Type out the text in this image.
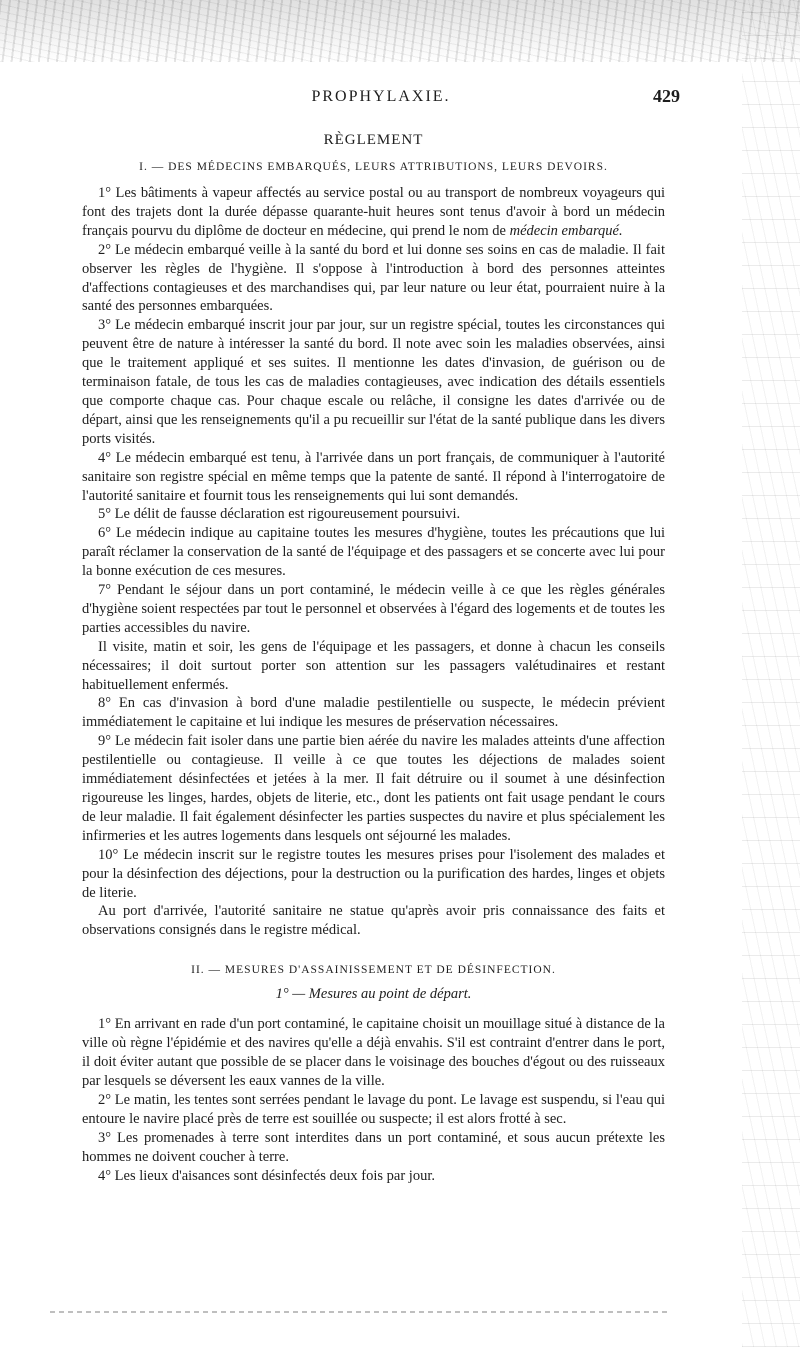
PROPHYLAXIE.	429
RÈGLEMENT
I. — DES MÉDECINS EMBARQUÉS, LEURS ATTRIBUTIONS, LEURS DEVOIRS.

1° Les bâtiments à vapeur affectés au service postal ou au transport de nombreux voyageurs qui font des trajets dont la durée dépasse quarante-huit heures sont tenus d'avoir à bord un médecin français pourvu du diplôme de docteur en médecine, qui prend le nom de médecin embarqué.

2° Le médecin embarqué veille à la santé du bord et lui donne ses soins en cas de maladie. Il fait observer les règles de l'hygiène. Il s'oppose à l'introduction à bord des personnes atteintes d'affections contagieuses et des marchandises qui, par leur nature ou leur état, pourraient nuire à la santé des personnes embarquées.

3° Le médecin embarqué inscrit jour par jour, sur un registre spécial, toutes les circonstances qui peuvent être de nature à intéresser la santé du bord. Il note avec soin les maladies observées, ainsi que le traitement appliqué et ses suites. Il mentionne les dates d'invasion, de guérison ou de terminaison fatale, de tous les cas de maladies contagieuses, avec indication des détails essentiels que comporte chaque cas. Pour chaque escale ou relâche, il consigne les dates d'arrivée ou de départ, ainsi que les renseignements qu'il a pu recueillir sur l'état de la santé publique dans les divers ports visités.

4° Le médecin embarqué est tenu, à l'arrivée dans un port français, de communiquer à l'autorité sanitaire son registre spécial en même temps que la patente de santé. Il répond à l'interrogatoire de l'autorité sanitaire et fournit tous les renseignements qui lui sont demandés.

5° Le délit de fausse déclaration est rigoureusement poursuivi.

6° Le médecin indique au capitaine toutes les mesures d'hygiène, toutes les précautions que lui paraît réclamer la conservation de la santé de l'équipage et des passagers et se concerte avec lui pour la bonne exécution de ces mesures.

7° Pendant le séjour dans un port contaminé, le médecin veille à ce que les règles générales d'hygiène soient respectées par tout le personnel et observées à l'égard des logements et de toutes les parties accessibles du navire.

Il visite, matin et soir, les gens de l'équipage et les passagers, et donne à chacun les conseils nécessaires; il doit surtout porter son attention sur les passagers valétudinaires et restant habituellement enfermés.

8° En cas d'invasion à bord d'une maladie pestilentielle ou suspecte, le médecin prévient immédiatement le capitaine et lui indique les mesures de préservation nécessaires.

9° Le médecin fait isoler dans une partie bien aérée du navire les malades atteints d'une affection pestilentielle ou contagieuse. Il veille à ce que toutes les déjections de malades soient immédiatement désinfectées et jetées à la mer. Il fait détruire ou il soumet à une désinfection rigoureuse les linges, hardes, objets de literie, etc., dont les patients ont fait usage pendant le cours de leur maladie. Il fait également désinfecter les parties suspectes du navire et plus spécialement les infirmeries et les autres logements dans lesquels ont séjourné les malades.

10° Le médecin inscrit sur le registre toutes les mesures prises pour l'isolement des malades et pour la désinfection des déjections, pour la destruction ou la purification des hardes, linges et objets de literie.

Au port d'arrivée, l'autorité sanitaire ne statue qu'après avoir pris connaissance des faits et observations consignés dans le registre médical.

II. — MESURES D'ASSAINISSEMENT ET DE DÉSINFECTION.
1° — Mesures au point de départ.

1° En arrivant en rade d'un port contaminé, le capitaine choisit un mouillage situé à distance de la ville où règne l'épidémie et des navires qu'elle a déjà envahis. S'il est contraint d'entrer dans le port, il doit éviter autant que possible de se placer dans le voisinage des bouches d'égout ou des ruisseaux par lesquels se déversent les eaux vannes de la ville.

2° Le matin, les tentes sont serrées pendant le lavage du pont. Le lavage est suspendu, si l'eau qui entoure le navire placé près de terre est souillée ou suspecte; il est alors frotté à sec.

3° Les promenades à terre sont interdites dans un port contaminé, et sous aucun prétexte les hommes ne doivent coucher à terre.

4° Les lieux d'aisances sont désinfectés deux fois par jour.
